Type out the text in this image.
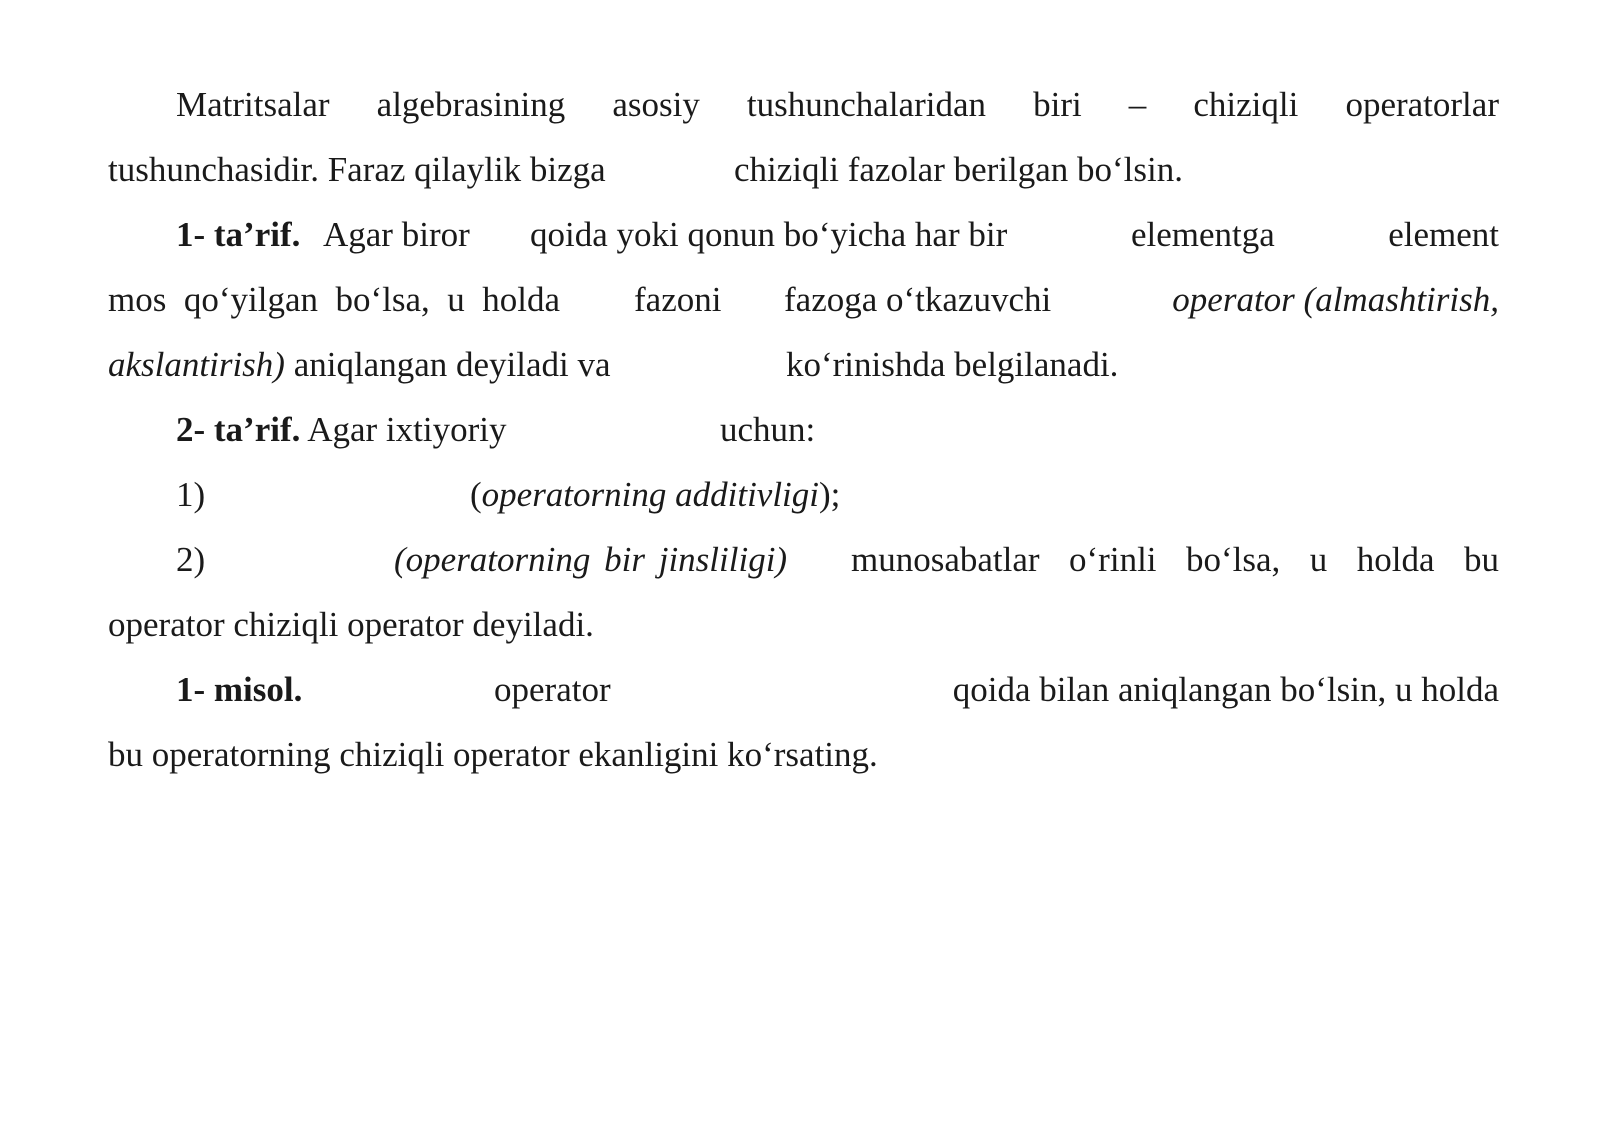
Matritsalar algebrasining asosiy tushunchalaridan biri – chiziqli operatorlar
tushunchasidir. Faraz qilaylik bizga	chiziqli fazolar berilgan bo‘lsin.
1- ta’rif. Agar biror qoida yoki qonun bo‘yicha har bir	elementga	element
mos qo‘yilgan bo‘lsa, u holda fazoni fazoga o‘tkazuvchi	operator (almashtirish,
akslantirish) aniqlangan deyiladi va	ko‘rinishda belgilanadi.
2- ta’rif. Agar ixtiyoriy	uchun:
1)	(operatorning additivligi);
2)	(operatorning bir jinsliligi) munosabatlar o‘rinli bo‘lsa, u holda bu
operator chiziqli operator deyiladi.
1- misol.	operator	qoida bilan aniqlangan bo‘lsin, u holda
bu operatorning chiziqli operator ekanligini ko‘rsating.
